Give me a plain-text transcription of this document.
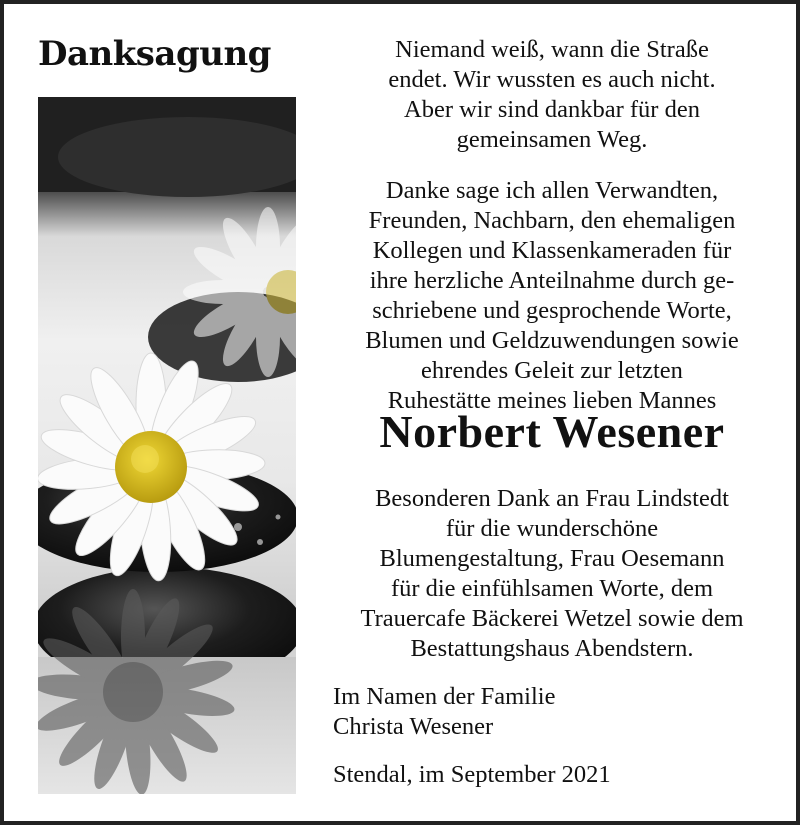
Danksagung	Niemand weiß, wann die Straße
endet. Wir wussten es auch nicht.
Aber wir sind dankbar für den
gemeinsamen Weg.
Danke sage ich allen Verwandten,
Freunden, Nachbarn, den ehemaligen
Kollegen und Klassenkameraden für
ihre herzliche Anteilnahme durch ge-
schriebene und gesprochende Worte,
Blumen und Geldzuwendungen sowie
ehrendes Geleit zur letzten
Ruhestätte meines lieben Mannes
Norbert Wesener
Besonderen Dank an Frau Lindstedt
für die wunderschöne
Blumengestaltung, Frau Oesemann
für die einfühlsamen Worte, dem
Trauercafe Bäckerei Wetzel sowie dem
Bestattungshaus Abendstern.
Im Namen der Familie
Christa Wesener
Stendal, im September 2021
